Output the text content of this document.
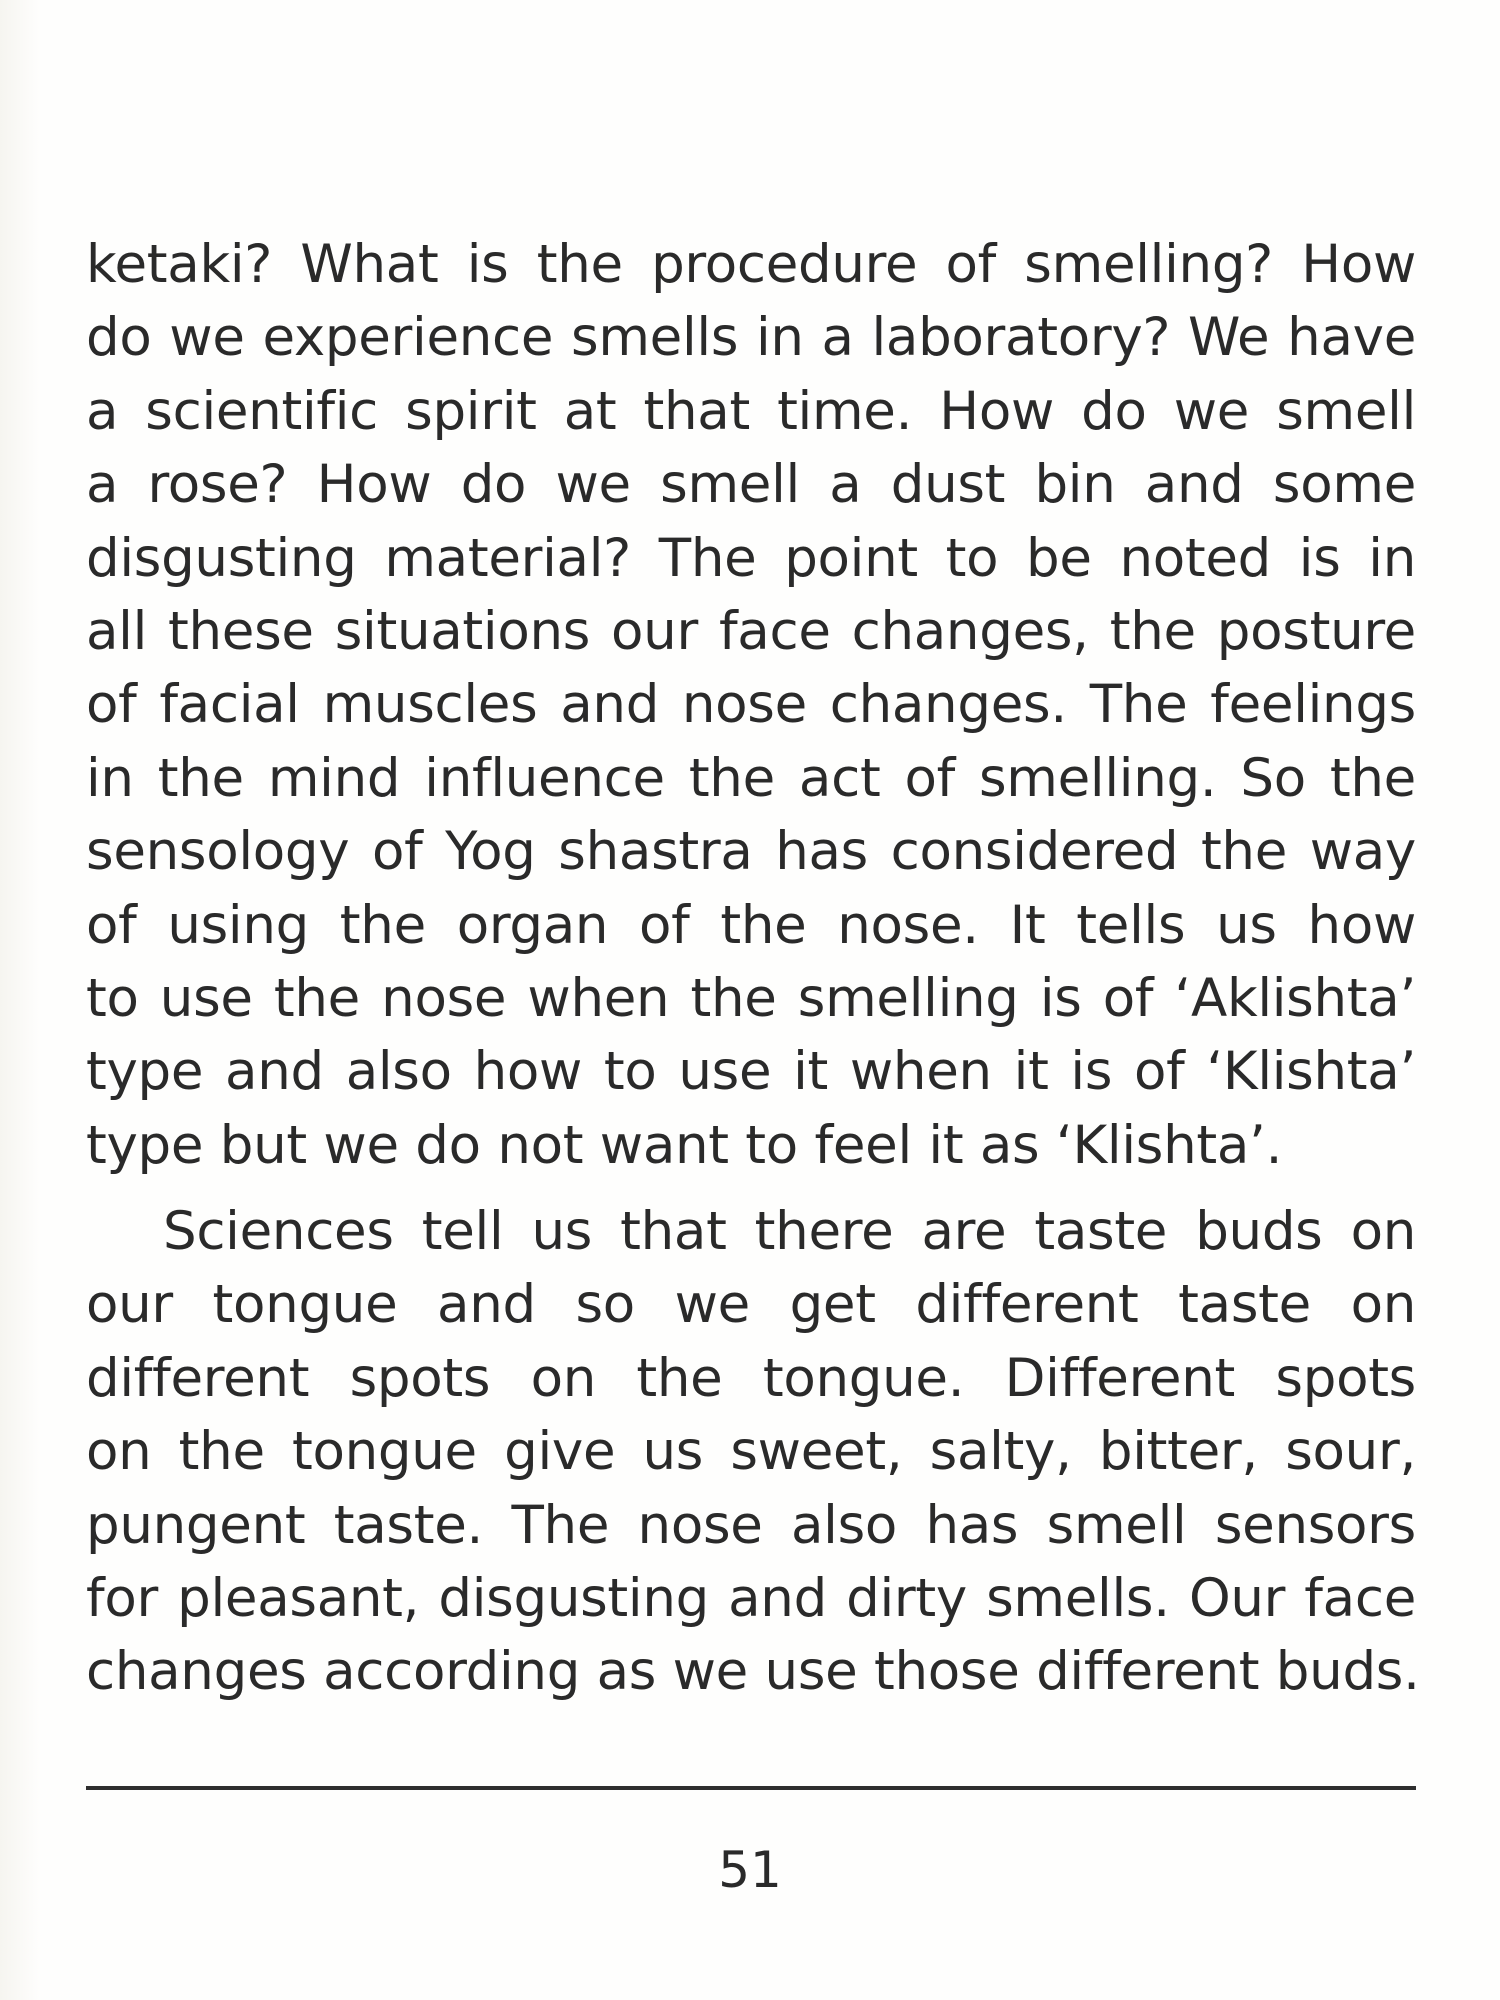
ketaki? What is the procedure of smelling? How
do we experience smells in a laboratory? We have
a scientific spirit at that time. How do we smell
a rose? How do we smell a dust bin and some
disgusting material? The point to be noted is in
all these situations our face changes, the posture
of facial muscles and nose changes. The feelings
in the mind influence the act of smelling. So the
sensology of Yog shastra has considered the way
of using the organ of the nose. It tells us how
to use the nose when the smelling is of ‘Aklishta’
type and also how to use it when it is of ‘Klishta’
type but we do not want to feel it as ‘Klishta’.
Sciences tell us that there are taste buds on
our tongue and so we get different taste on
different spots on the tongue. Different spots
on the tongue give us sweet, salty, bitter, sour,
pungent taste. The nose also has smell sensors
for pleasant, disgusting and dirty smells. Our face
changes according as we use those different buds.
51
